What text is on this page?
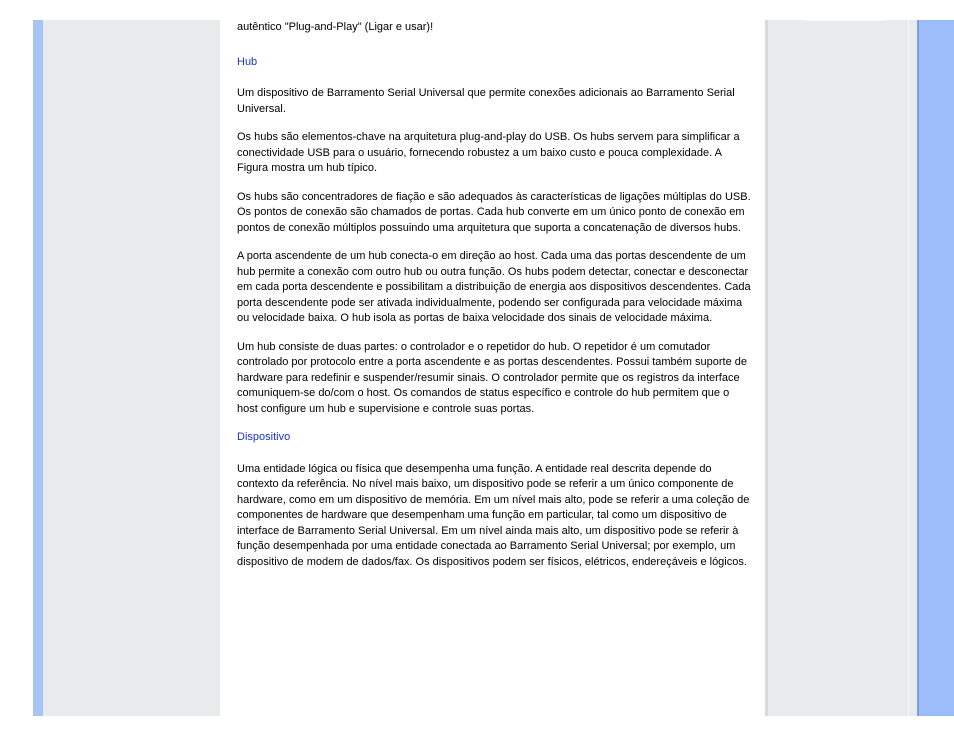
autêntico "Plug-and-Play" (Ligar e usar)!

Hub

Um dispositivo de Barramento Serial Universal que permite conexões adicionais ao Barramento Serial Universal.

Os hubs são elementos-chave na arquitetura plug-and-play do USB. Os hubs servem para simplificar a conectividade USB para o usuário, fornecendo robustez a um baixo custo e pouca complexidade. A Figura mostra um hub típico.

Os hubs são concentradores de fiação e são adequados às características de ligações múltiplas do USB. Os pontos de conexão são chamados de portas. Cada hub converte em um único ponto de conexão em pontos de conexão múltiplos possuindo uma arquitetura que suporta a concatenação de diversos hubs.

A porta ascendente de um hub conecta-o em direção ao host. Cada uma das portas descendente de um hub permite a conexão com outro hub ou outra função. Os hubs podem detectar, conectar e desconectar em cada porta descendente e possibilitam a distribuição de energia aos dispositivos descendentes. Cada porta descendente pode ser ativada individualmente, podendo ser configurada para velocidade máxima ou velocidade baixa. O hub isola as portas de baixa velocidade dos sinais de velocidade máxima.

Um hub consiste de duas partes: o controlador e o repetidor do hub. O repetidor é um comutador controlado por protocolo entre a porta ascendente e as portas descendentes. Possui também suporte de hardware para redefinir e suspender/resumir sinais. O controlador permite que os registros da interface comuniquem-se do/com o host. Os comandos de status específico e controle do hub permitem que o host configure um hub e supervisione e controle suas portas.

Dispositivo

Uma entidade lógica ou física que desempenha uma função. A entidade real descrita depende do contexto da referência. No nível mais baixo, um dispositivo pode se referir a um único componente de hardware, como em um dispositivo de memória. Em um nível mais alto, pode se referir a uma coleção de componentes de hardware que desempenham uma função em particular, tal como um dispositivo de interface de Barramento Serial Universal. Em um nível ainda mais alto, um dispositivo pode se referir à função desempenhada por uma entidade conectada ao Barramento Serial Universal; por exemplo, um dispositivo de modem de dados/fax. Os dispositivos podem ser físicos, elétricos, endereçáveis e lógicos.
